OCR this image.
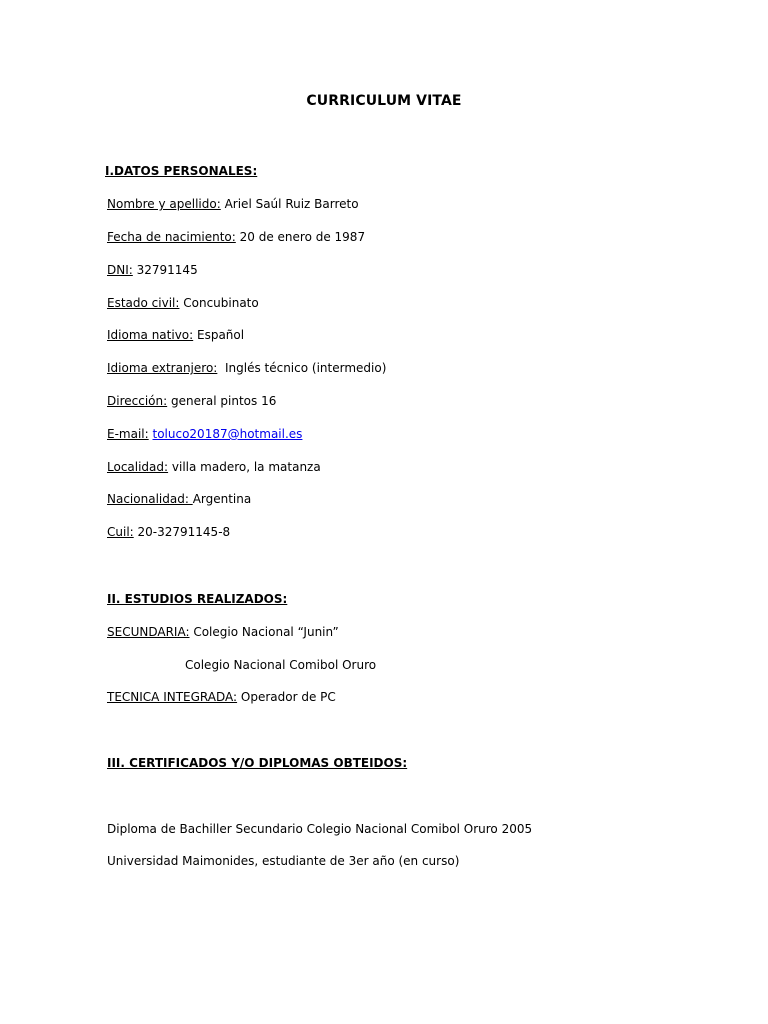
CURRICULUM VITAE
I.DATOS PERSONALES:
Nombre y apellido: Ariel Saúl Ruiz Barreto
Fecha de nacimiento: 20 de enero de 1987
DNI: 32791145
Estado civil: Concubinato
Idioma nativo: Español
Idioma extranjero:  Inglés técnico (intermedio)
Dirección: general pintos 16
E-mail: toluco20187@hotmail.es
Localidad: villa madero, la matanza
Nacionalidad: Argentina
Cuil: 20-32791145-8
II. ESTUDIOS REALIZADOS:
SECUNDARIA: Colegio Nacional “Junin”
Colegio Nacional Comibol Oruro
TECNICA INTEGRADA: Operador de PC
III. CERTIFICADOS Y/O DIPLOMAS OBTEIDOS:
Diploma de Bachiller Secundario Colegio Nacional Comibol Oruro 2005
Universidad Maimonides, estudiante de 3er año (en curso)
